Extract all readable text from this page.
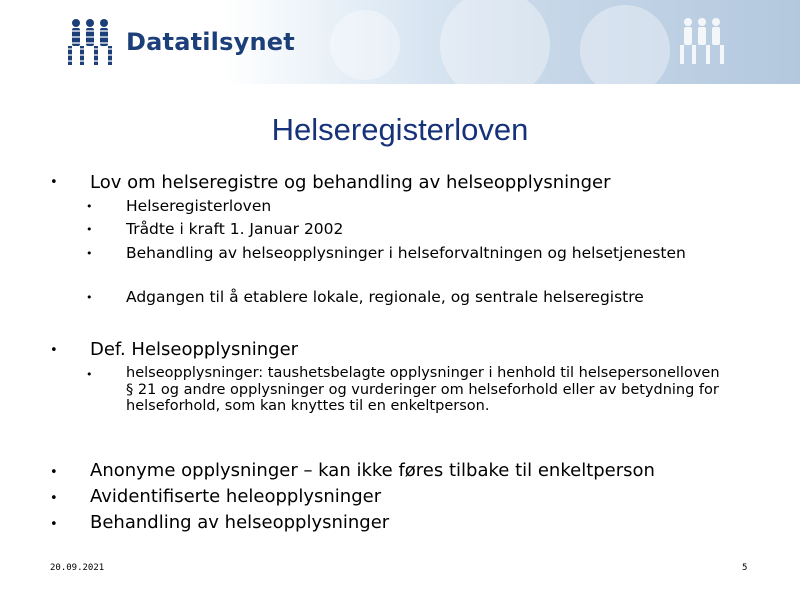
Datatilsynet
Helseregisterloven
• Lov om helseregistre og behandling av helseopplysninger
• Helseregisterloven
• Trådte i kraft 1. Januar 2002
• Behandling av helseopplysninger i helseforvaltningen og helsetjenesten
• Adgangen til å etablere lokale, regionale, og sentrale helseregistre
• Def. Helseopplysninger
• helseopplysninger: taushetsbelagte opplysninger i henhold til helsepersonelloven § 21 og andre opplysninger og vurderinger om helseforhold eller av betydning for helseforhold, som kan knyttes til en enkeltperson.
• Anonyme opplysninger – kan ikke føres tilbake til enkeltperson
• Avidentifiserte heleopplysninger
• Behandling av helseopplysninger
20.09.2021	5
